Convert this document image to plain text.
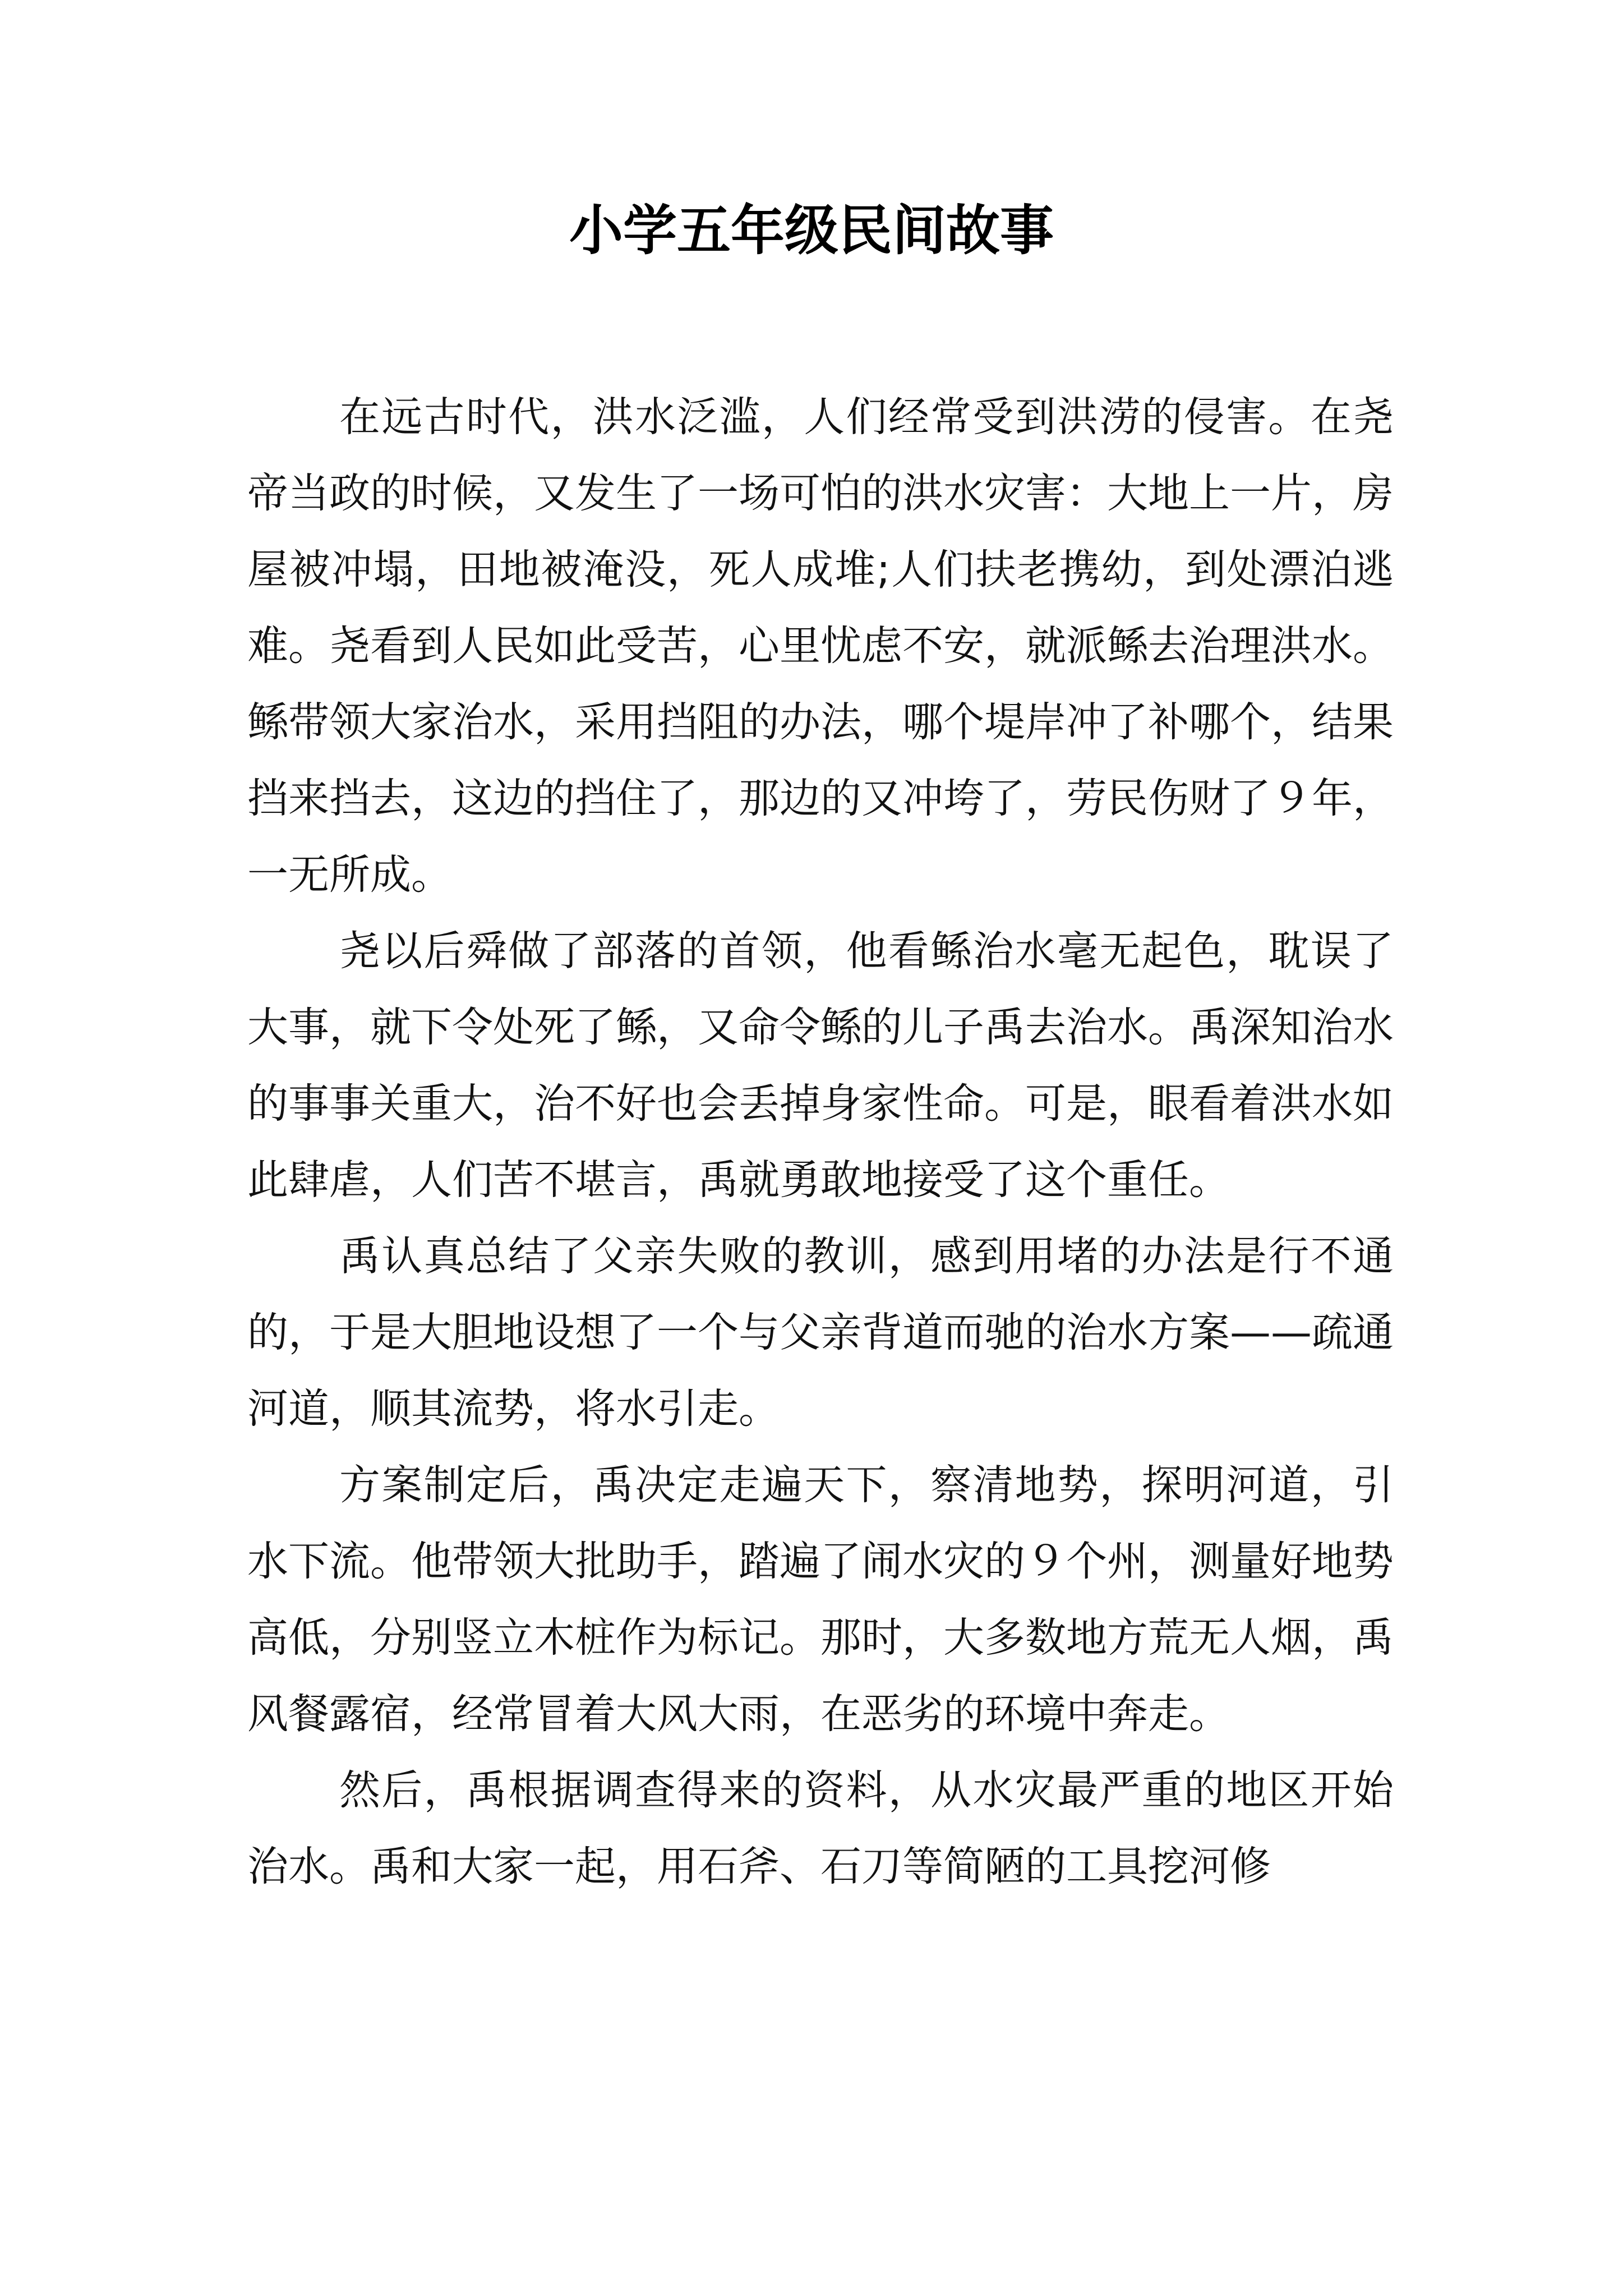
小学五年级民间故事

在远古时代，洪水泛滥，人们经常受到洪涝的侵害。在尧帝当政的时候，又发生了一场可怕的洪水灾害：大地上一片，房屋被冲塌，田地被淹没，死人成堆;人们扶老携幼，到处漂泊逃难。尧看到人民如此受苦，心里忧虑不安，就派鲧去治理洪水。鲧带领大家治水，采用挡阻的办法，哪个堤岸冲了补哪个，结果挡来挡去，这边的挡住了，那边的又冲垮了，劳民伤财了９年，一无所成。

尧以后舜做了部落的首领，他看鲧治水毫无起色，耽误了大事，就下令处死了鲧，又命令鲧的儿子禹去治水。禹深知治水的事事关重大，治不好也会丢掉身家性命。可是，眼看着洪水如此肆虐，人们苦不堪言，禹就勇敢地接受了这个重任。

禹认真总结了父亲失败的教训，感到用堵的办法是行不通的，于是大胆地设想了一个与父亲背道而驰的治水方案——疏通河道，顺其流势，将水引走。

方案制定后，禹决定走遍天下，察清地势，探明河道，引水下流。他带领大批助手，踏遍了闹水灾的９个州，测量好地势高低，分别竖立木桩作为标记。那时，大多数地方荒无人烟，禹风餐露宿，经常冒着大风大雨，在恶劣的环境中奔走。

然后，禹根据调查得来的资料，从水灾最严重的地区开始治水。禹和大家一起，用石斧、石刀等简陋的工具挖河修
